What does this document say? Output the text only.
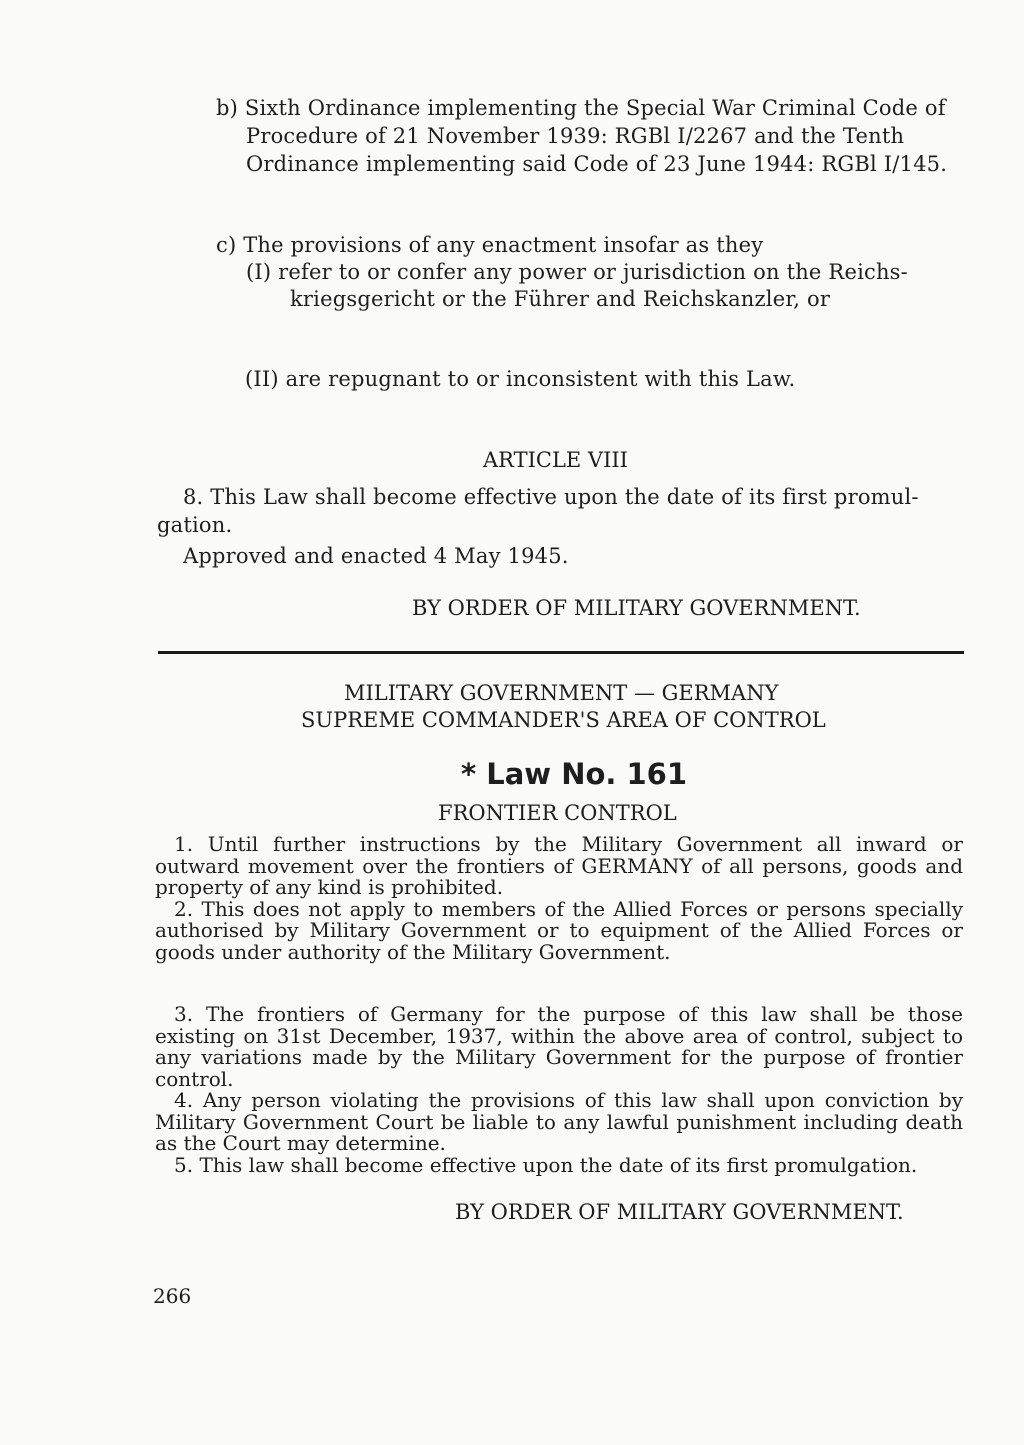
b) Sixth Ordinance implementing the Special War Criminal Code of
Procedure of 21 November 1939: RGBl I/2267 and the Tenth
Ordinance implementing said Code of 23 June 1944: RGBl I/145.
c) The provisions of any enactment insofar as they
(I) refer to or confer any power or jurisdiction on the Reichs-
kriegsgericht or the Führer and Reichskanzler, or
(II) are repugnant to or inconsistent with this Law.
ARTICLE VIII
8. This Law shall become effective upon the date of its first promul-
gation.
Approved and enacted 4 May 1945.
BY ORDER OF MILITARY GOVERNMENT.
MILITARY GOVERNMENT — GERMANY
SUPREME COMMANDER'S AREA OF CONTROL
* Law No. 161
FRONTIER CONTROL

1. Until further instructions by the Military Government all inward or outward movement over the frontiers of GERMANY of all persons, goods and property of any kind is prohibited.

2. This does not apply to members of the Allied Forces or persons specially authorised by Military Government or to equipment of the Allied Forces or goods under authority of the Military Government.

3. The frontiers of Germany for the purpose of this law shall be those existing on 31st December, 1937, within the above area of control, subject to any variations made by the Military Government for the purpose of frontier control.

4. Any person violating the provisions of this law shall upon conviction by Military Government Court be liable to any lawful punishment including death as the Court may determine.

5. This law shall become effective upon the date of its first promulgation.

BY ORDER OF MILITARY GOVERNMENT.
266
